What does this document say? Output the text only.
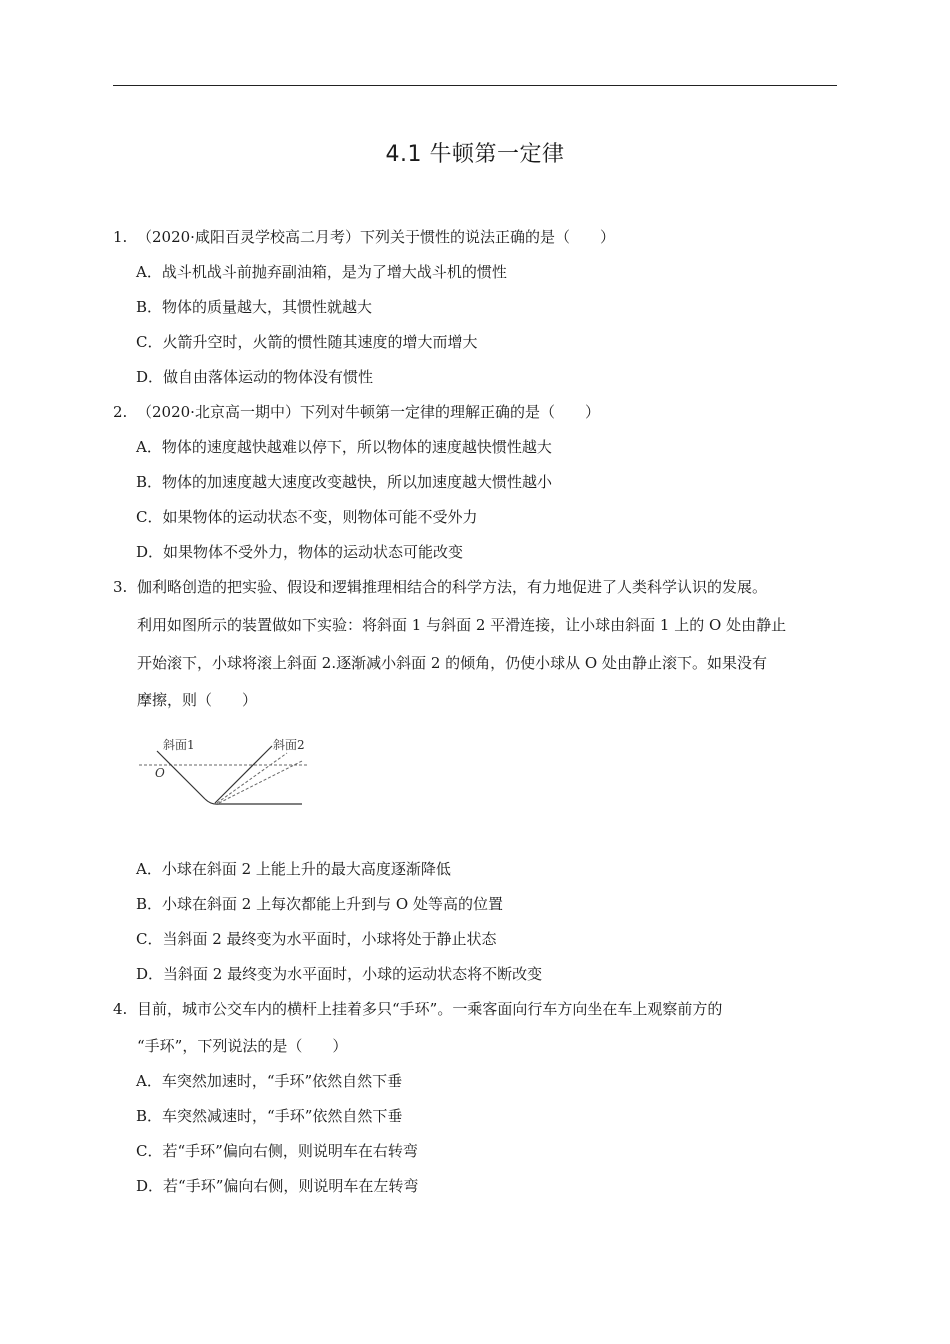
4.1 牛顿第一定律
1. （2020·咸阳百灵学校高二月考）下列关于惯性的说法正确的是（　　）
A．战斗机战斗前抛弃副油箱，是为了增大战斗机的惯性
B．物体的质量越大，其惯性就越大
C．火箭升空时，火箭的惯性随其速度的增大而增大
D．做自由落体运动的物体没有惯性
2. （2020·北京高一期中）下列对牛顿第一定律的理解正确的是（　　）
A．物体的速度越快越难以停下，所以物体的速度越快惯性越大
B．物体的加速度越大速度改变越快，所以加速度越大惯性越小
C．如果物体的运动状态不变，则物体可能不受外力
D．如果物体不受外力，物体的运动状态可能改变
3. 伽利略创造的把实验、假设和逻辑推理相结合的科学方法，有力地促进了人类科学认识的发展。
利用如图所示的装置做如下实验：将斜面 1 与斜面 2 平滑连接，让小球由斜面 1 上的 O 处由静止
开始滚下，小球将滚上斜面 2.逐渐减小斜面 2 的倾角，仍使小球从 O 处由静止滚下。如果没有
摩擦，则（　　）
斜面1	斜面2
O
A．小球在斜面 2 上能上升的最大高度逐渐降低
B．小球在斜面 2 上每次都能上升到与 O 处等高的位置
C．当斜面 2 最终变为水平面时，小球将处于静止状态
D．当斜面 2 最终变为水平面时，小球的运动状态将不断改变
4. 目前，城市公交车内的横杆上挂着多只“手环”。一乘客面向行车方向坐在车上观察前方的
“手环”，下列说法的是（　　）
A．车突然加速时，“手环”依然自然下垂
B．车突然减速时，“手环”依然自然下垂
C．若“手环”偏向右侧，则说明车在右转弯
D．若“手环”偏向右侧，则说明车在左转弯
